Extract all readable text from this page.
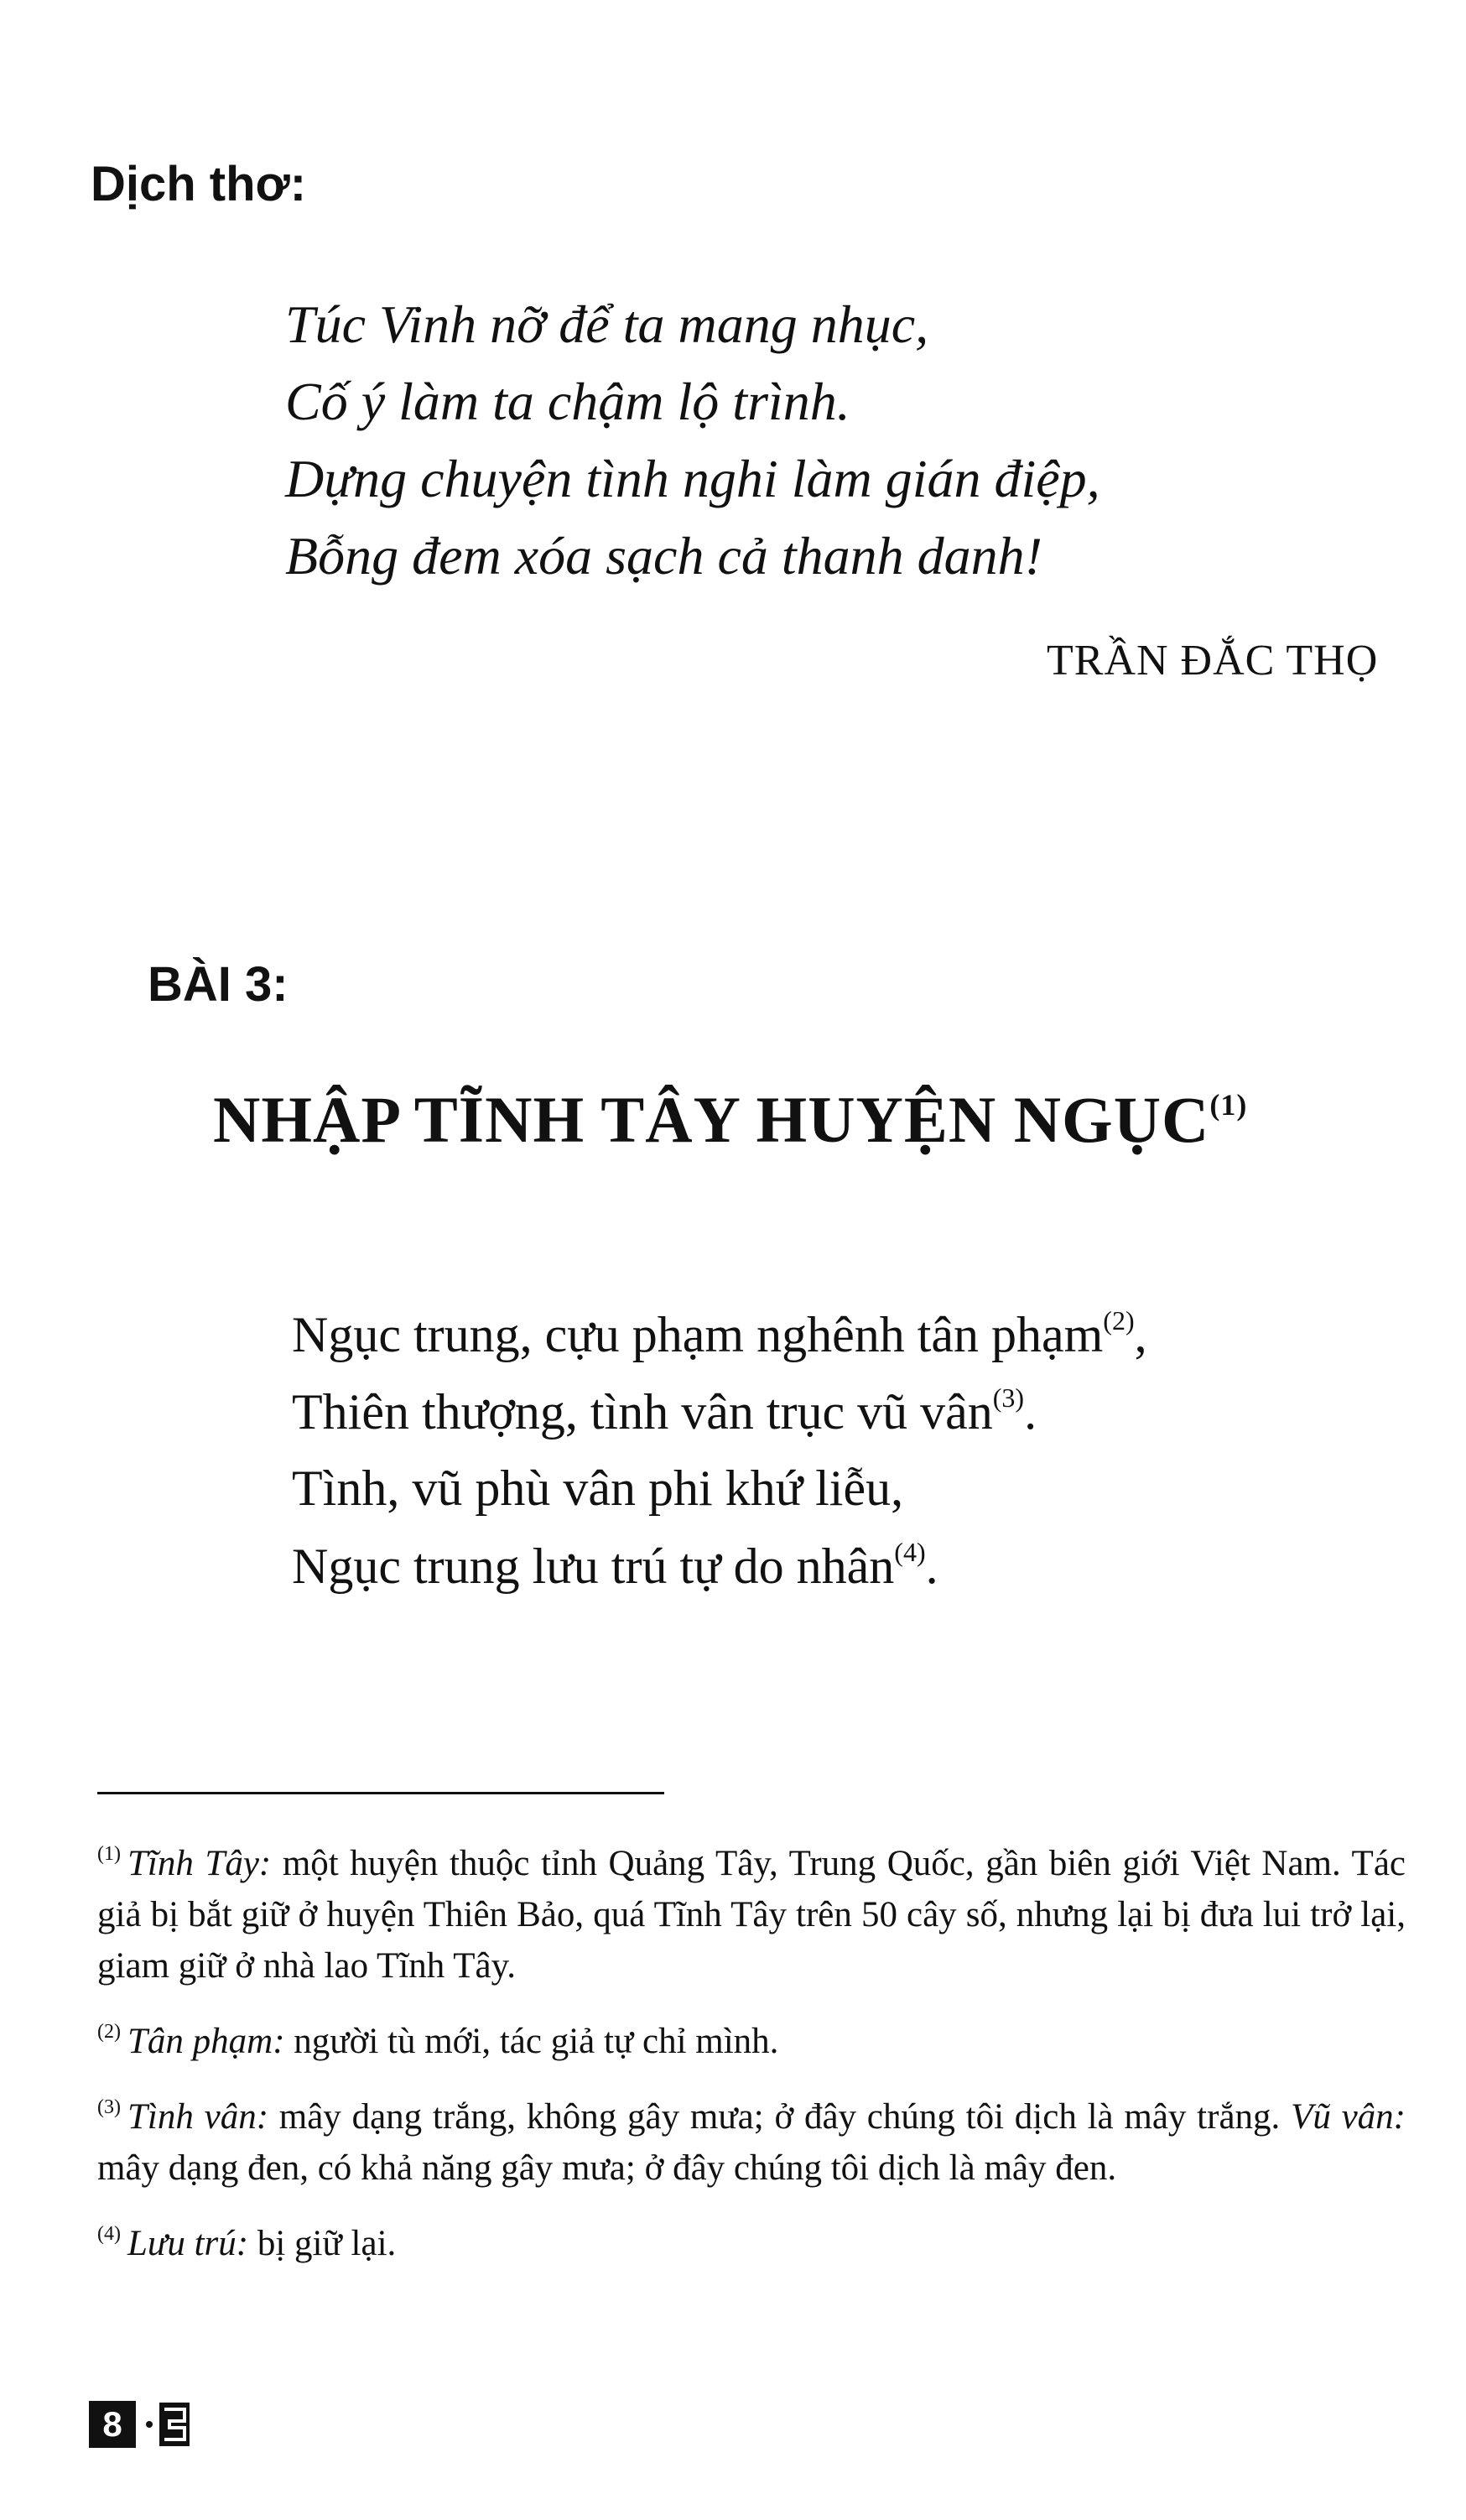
Dịch thơ:
Túc Vinh nỡ để ta mang nhục,
Cố ý làm ta chậm lộ trình.
Dựng chuyện tình nghi làm gián điệp,
Bỗng đem xóa sạch cả thanh danh!
TRẦN ĐẮC THỌ
BÀI 3:
NHẬP TĨNH TÂY HUYỆN NGỤC$^{(1)}$
Ngục trung, cựu phạm nghênh tân phạm$^{(2)}$,
Thiên thượng, tình vân trục vũ vân$^{(3)}$.
Tình, vũ phù vân phi khứ liễu,
Ngục trung lưu trú tự do nhân$^{(4)}$.

$^{(1)}$ Tĩnh Tây: một huyện thuộc tỉnh Quảng Tây, Trung Quốc, gần biên giới Việt Nam. Tác giả bị bắt giữ ở huyện Thiên Bảo, quá Tĩnh Tây trên 50 cây số, nhưng lại bị đưa lui trở lại, giam giữ ở nhà lao Tĩnh Tây.

$^{(2)}$ Tân phạm: người tù mới, tác giả tự chỉ mình.

$^{(3)}$ Tình vân: mây dạng trắng, không gây mưa; ở đây chúng tôi dịch là mây trắng. Vũ vân: mây dạng đen, có khả năng gây mưa; ở đây chúng tôi dịch là mây đen.

$^{(4)}$ Lưu trú: bị giữ lại.

8
